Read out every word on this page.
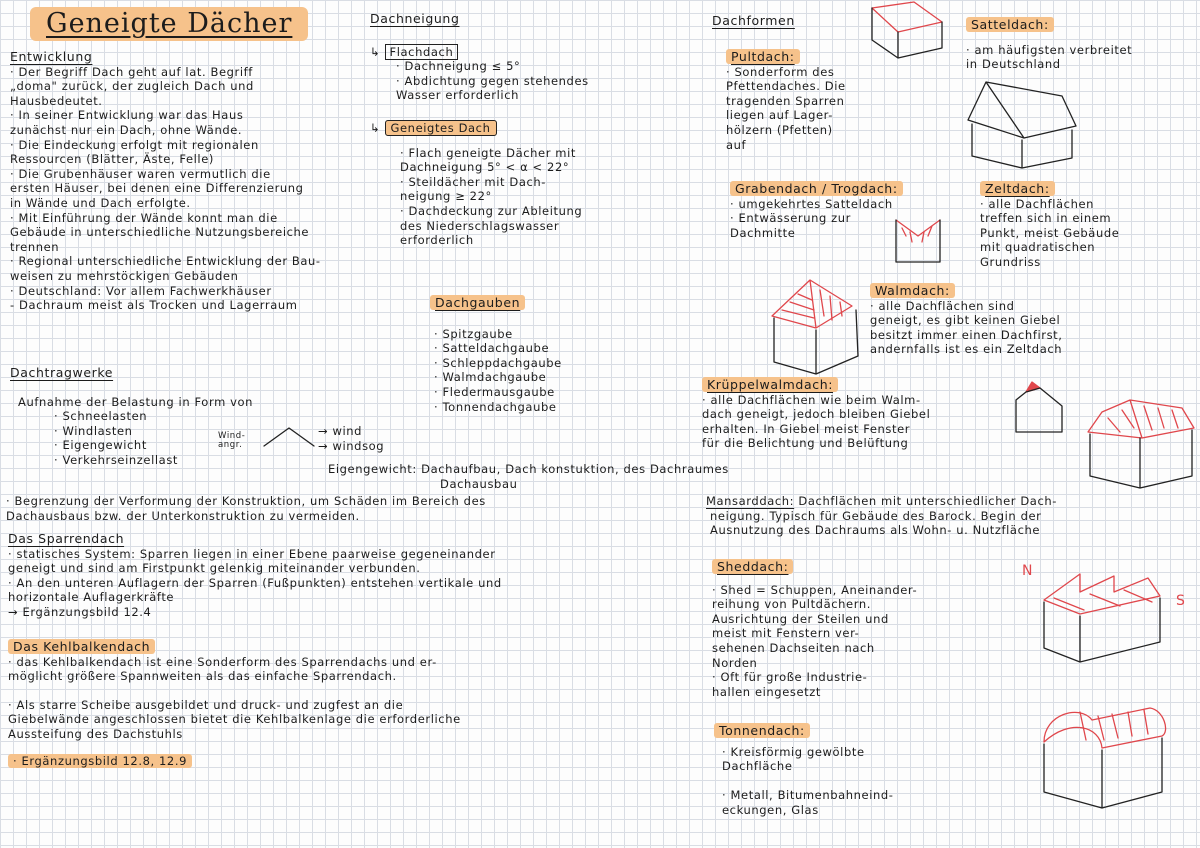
Geneigte Dächer

Entwicklung

· Der Begriff Dach geht auf lat. Begriff

„doma" zurück, der zugleich Dach und

Hausbedeutet.

· In seiner Entwicklung war das Haus

zunächst nur ein Dach, ohne Wände.

· Die Eindeckung erfolgt mit regionalen

Ressourcen (Blätter, Äste, Felle)

· Die Grubenhäuser waren vermutlich die

ersten Häuser, bei denen eine Differenzierung

in Wände und Dach erfolgte.

· Mit Einführung der Wände konnt man die

Gebäude in unterschiedliche Nutzungsbereiche

trennen

· Regional unterschiedliche Entwicklung der Bau-

weisen zu mehrstöckigen Gebäuden

· Deutschland: Vor allem Fachwerkhäuser

- Dachraum meist als Trocken und Lagerraum

Dachtragwerke

Aufnahme der Belastung in Form von

· Schneelasten

· Windlasten

· Eigengewicht

· Verkehrseinzellast

Wind-

angr.

→ wind

→ windsog

Eigengewicht: Dachaufbau, Dach konstuktion, des Dachraumes

Dachausbau

· Begrenzung der Verformung der Konstruktion, um Schäden im Bereich des

Dachausbaus bzw. der Unterkonstruktion zu vermeiden.

Das Sparrendach

· statisches System: Sparren liegen in einer Ebene paarweise gegeneinander

geneigt und sind am Firstpunkt gelenkig miteinander verbunden.

· An den unteren Auflagern der Sparren (Fußpunkten) entstehen vertikale und

horizontale Auflagerkräfte

→ Ergänzungsbild 12.4

Das Kehlbalkendach

· das Kehlbalkendach ist eine Sonderform des Sparrendachs und er-

möglicht größere Spannweiten als das einfache Sparrendach.

· Als starre Scheibe ausgebildet und druck- und zugfest an die

Giebelwände angeschlossen bietet die Kehlbalkenlage die erforderliche

Aussteifung des Dachstuhls

· Ergänzungsbild 12.8, 12.9

Dachneigung

↳ Flachdach

· Dachneigung ≤ 5°

· Abdichtung gegen stehendes

Wasser erforderlich

↳ Geneigtes Dach

· Flach geneigte Dächer mit

Dachneigung 5° < α < 22°

· Steildächer mit Dach-

neigung ≥ 22°

· Dachdeckung zur Ableitung

des Niederschlagswasser

erforderlich

Dachgauben

· Spitzgaube

· Satteldachgaube

· Schleppdachgaube

· Walmdachgaube

· Fledermausgaube

· Tonnendachgaube

Dachformen

Pultdach:

· Sonderform des

Pfettendaches. Die

tragenden Sparren

liegen auf Lager-

hölzern (Pfetten)

auf

Satteldach:

· am häufigsten verbreitet

in Deutschland

Grabendach / Trogdach:

· umgekehrtes Satteldach

· Entwässerung zur

Dachmitte

Zeltdach:

· alle Dachflächen

treffen sich in einem

Punkt, meist Gebäude

mit quadratischen

Grundriss

Walmdach:

· alle Dachflächen sind

geneigt, es gibt keinen Giebel

besitzt immer einen Dachfirst,

andernfalls ist es ein Zeltdach

Krüppelwalmdach:

· alle Dachflächen wie beim Walm-

dach geneigt, jedoch bleiben Giebel

erhalten. In Giebel meist Fenster

für die Belichtung und Belüftung

Mansarddach: Dachflächen mit unterschiedlicher Dach-

neigung. Typisch für Gebäude des Barock. Begin der

Ausnutzung des Dachraums als Wohn- u. Nutzfläche

Sheddach:

· Shed = Schuppen, Aneinander-

reihung von Pultdächern.

Ausrichtung der Steilen und

meist mit Fenstern ver-

sehenen Dachseiten nach

Norden

· Oft für große Industrie-

hallen eingesetzt

N
S

Tonnendach:

· Kreisförmig gewölbte

Dachfläche

· Metall, Bitumenbahneind-

eckungen, Glas
